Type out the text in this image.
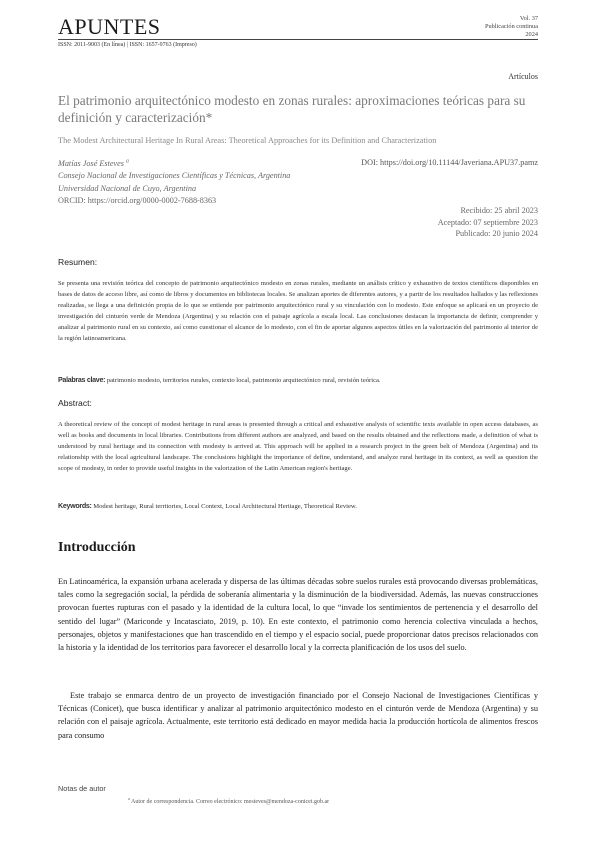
APUNTES
ISSN: 2011-9003 (En línea) | ISSN: 1657-9763 (Impreso)
Vol. 37
Publicación continua
2024
Artículos
El patrimonio arquitectónico modesto en zonas rurales: aproximaciones teóricas para su definición y caracterización*
The Modest Architectural Heritage In Rural Areas: Theoretical Approaches for its Definition and Characterization
Matías José Esteves $^a$
Consejo Nacional de Investigaciones Científicas y Técnicas, Argentina
Universidad Nacional de Cuyo, Argentina
ORCID: https://orcid.org/0000-0002-7688-8363
DOI: https://doi.org/10.11144/Javeriana.APU37.pamz
Recibido: 25 abril 2023
Aceptado: 07 septiembre 2023
Publicado: 20 junio 2024
Resumen:
Se presenta una revisión teórica del concepto de patrimonio arquitectónico modesto en zonas rurales, mediante un análisis crítico y exhaustivo de textos científicos disponibles en bases de datos de acceso libre, así como de libros y documentos en bibliotecas locales. Se analizan aportes de diferentes autores, y a partir de los resultados hallados y las reflexiones realizadas, se llega a una definición propia de lo que se entiende por patrimonio arquitectónico rural y su vinculación con lo modesto. Este enfoque se aplicará en un proyecto de investigación del cinturón verde de Mendoza (Argentina) y su relación con el paisaje agrícola a escala local. Las conclusiones destacan la importancia de definir, comprender y analizar al patrimonio rural en su contexto, así como cuestionar el alcance de lo modesto, con el fin de aportar algunos aspectos útiles en la valorización del patrimonio al interior de la región latinoamericana.
Palabras clave: patrimonio modesto, territorios rurales, contexto local, patrimonio arquitectónico rural, revisión teórica.
Abstract:
A theoretical review of the concept of modest heritage in rural areas is presented through a critical and exhaustive analysis of scientific texts available in open access databases, as well as books and documents in local libraries. Contributions from different authors are analyzed, and based on the results obtained and the reflections made, a definition of what is understood by rural heritage and its connection with modesty is arrived at. This approach will be applied in a research project in the green belt of Mendoza (Argentina) and its relationship with the local agricultural landscape. The conclusions highlight the importance of define, understand, and analyze rural heritage in its context, as well as question the scope of modesty, in order to provide useful insights in the valorization of the Latin American region's heritage.
Keywords: Modest heritage, Rural territories, Local Context, Local Architectural Heritage, Theoretical Review.
Introducción
En Latinoamérica, la expansión urbana acelerada y dispersa de las últimas décadas sobre suelos rurales está provocando diversas problemáticas, tales como la segregación social, la pérdida de soberanía alimentaria y la disminución de la biodiversidad. Además, las nuevas construcciones provocan fuertes rupturas con el pasado y la identidad de la cultura local, lo que “invade los sentimientos de pertenencia y el desarrollo del sentido del lugar” (Mariconde y Incatasciato, 2019, p. 10). En este contexto, el patrimonio como herencia colectiva vinculada a hechos, personajes, objetos y manifestaciones que han trascendido en el tiempo y el espacio social, puede proporcionar datos precisos relacionados con la historia y la identidad de los territorios para favorecer el desarrollo local y la correcta planificación de los usos del suelo.
Este trabajo se enmarca dentro de un proyecto de investigación financiado por el Consejo Nacional de Investigaciones Científicas y Técnicas (Conicet), que busca identificar y analizar al patrimonio arquitectónico modesto en el cinturón verde de Mendoza (Argentina) y su relación con el paisaje agrícola. Actualmente, este territorio está dedicado en mayor medida hacia la producción hortícola de alimentos frescos para consumo
Notas de autor
$^a$ Autor de correspondencia. Correo electrónico: mesteves@mendoza-conicet.gob.ar
